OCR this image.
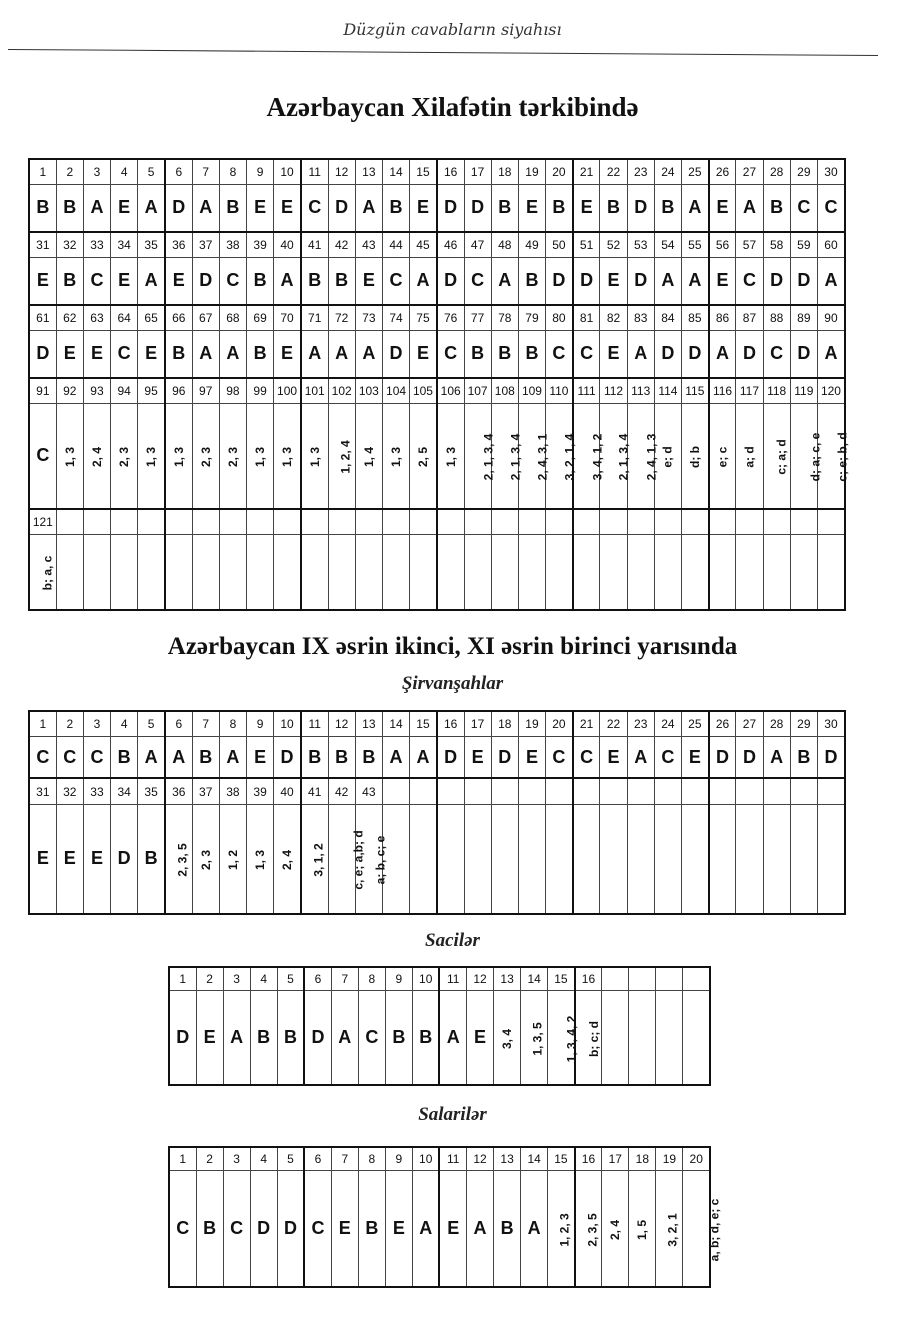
Düzgün cavabların siyahısı
Azərbaycan Xilafətin tərkibində
1	2	3	4	5	6	7	8	9	10	11	12	13	14	15	16	17	18	19	20	21	22	23	24	25	26	27	28	29	30
B	B	A	E	A	D	A	B	E	E	C	D	A	B	E	D	D	B	E	B	E	B	D	B	A	E	A	B	C	C
31	32	33	34	35	36	37	38	39	40	41	42	43	44	45	46	47	48	49	50	51	52	53	54	55	56	57	58	59	60
E	B	C	E	A	E	D	C	B	A	B	B	E	C	A	D	C	A	B	D	D	E	D	A	A	E	C	D	D	A
61	62	63	64	65	66	67	68	69	70	71	72	73	74	75	76	77	78	79	80	81	82	83	84	85	86	87	88	89	90
D	E	E	C	E	B	A	A	B	E	A	A	A	D	E	C	B	B	B	C	C	E	A	D	D	A	D	C	D	A
91	92	93	94	95	96	97	98	99	100	101	102	103	104	105	106	107	108	109	110	111	112	113	114	115	116	117	118	119	120
C	1, 3	2, 4	2, 3	1, 3	1, 3	2, 3	2, 3	1, 3	1, 3	1, 3	1, 2, 4	1, 4	1, 3	2, 5	1, 3	2, 1, 3, 4	2, 1, 3, 4	2, 4, 3, 1	3, 2, 1, 4	3, 4, 1, 2	2, 1, 3, 4	2, 4, 1, 3	e; d	d; b	e; c	a; d	c; a; d	d; a; c, e	c; e; b, d
121																													
b; a, c																													
Azərbaycan IX əsrin ikinci, XI əsrin birinci yarısında
Şirvanşahlar
1	2	3	4	5	6	7	8	9	10	11	12	13	14	15	16	17	18	19	20	21	22	23	24	25	26	27	28	29	30
C	C	C	B	A	A	B	A	E	D	B	B	B	A	A	D	E	D	E	C	C	E	A	C	E	D	D	A	B	D
31	32	33	34	35	36	37	38	39	40	41	42	43																	
E	E	E	D	B	2, 3, 5	2, 3	1, 2	1, 3	2, 4	3, 1, 2	c, e; a,b; d	a; b, c; e																	
Sacilər
1	2	3	4	5	6	7	8	9	10	11	12	13	14	15	16				
D	E	A	B	B	D	A	C	B	B	A	E	3, 4	1, 3, 5	1, 3, 4, 2	b; c; d				
Salarilər
1	2	3	4	5	6	7	8	9	10	11	12	13	14	15	16	17	18	19	20
C	B	C	D	D	C	E	B	E	A	E	A	B	A	1, 2, 3	2, 3, 5	2, 4	1, 5	3, 2, 1	a, b; d, e; c
